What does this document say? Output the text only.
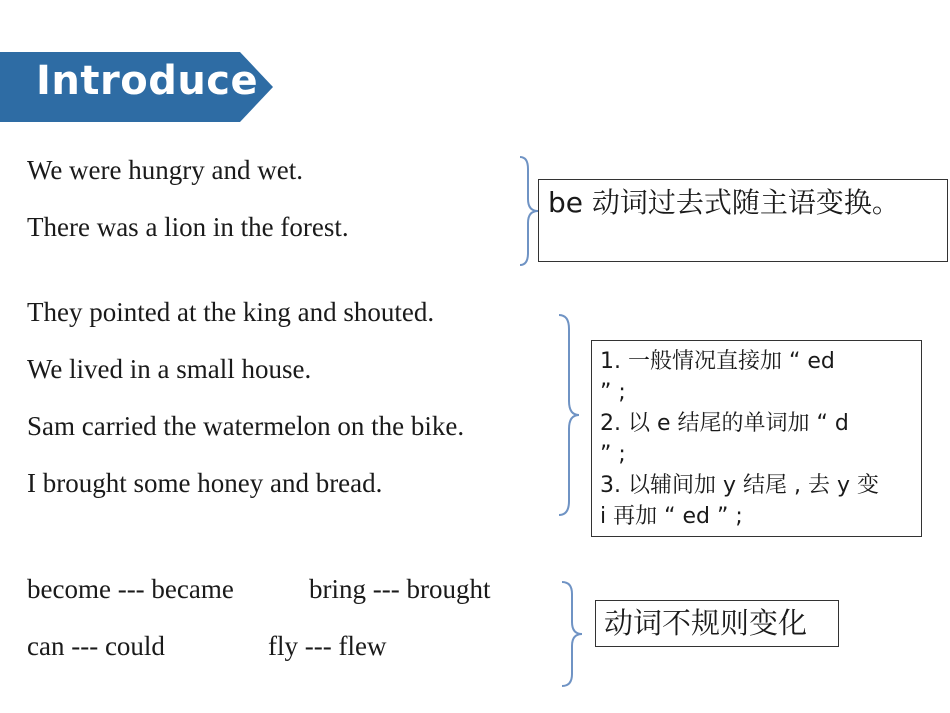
Introduce
We were hungry and wet.
There was a lion in the forest.
be 动词过去式随主语变换。
They pointed at the king and shouted.
We lived in a small house.
Sam carried the watermelon on the bike.
I brought some honey and bread.
1. 一般情况直接加 “ ed
” ;
2. 以 e 结尾的单词加 “ d
” ;
3. 以辅间加 y 结尾 , 去 y 变
i 再加 “ ed ” ;
become --- became	bring --- brought
can --- could	fly --- flew
动词不规则变化
